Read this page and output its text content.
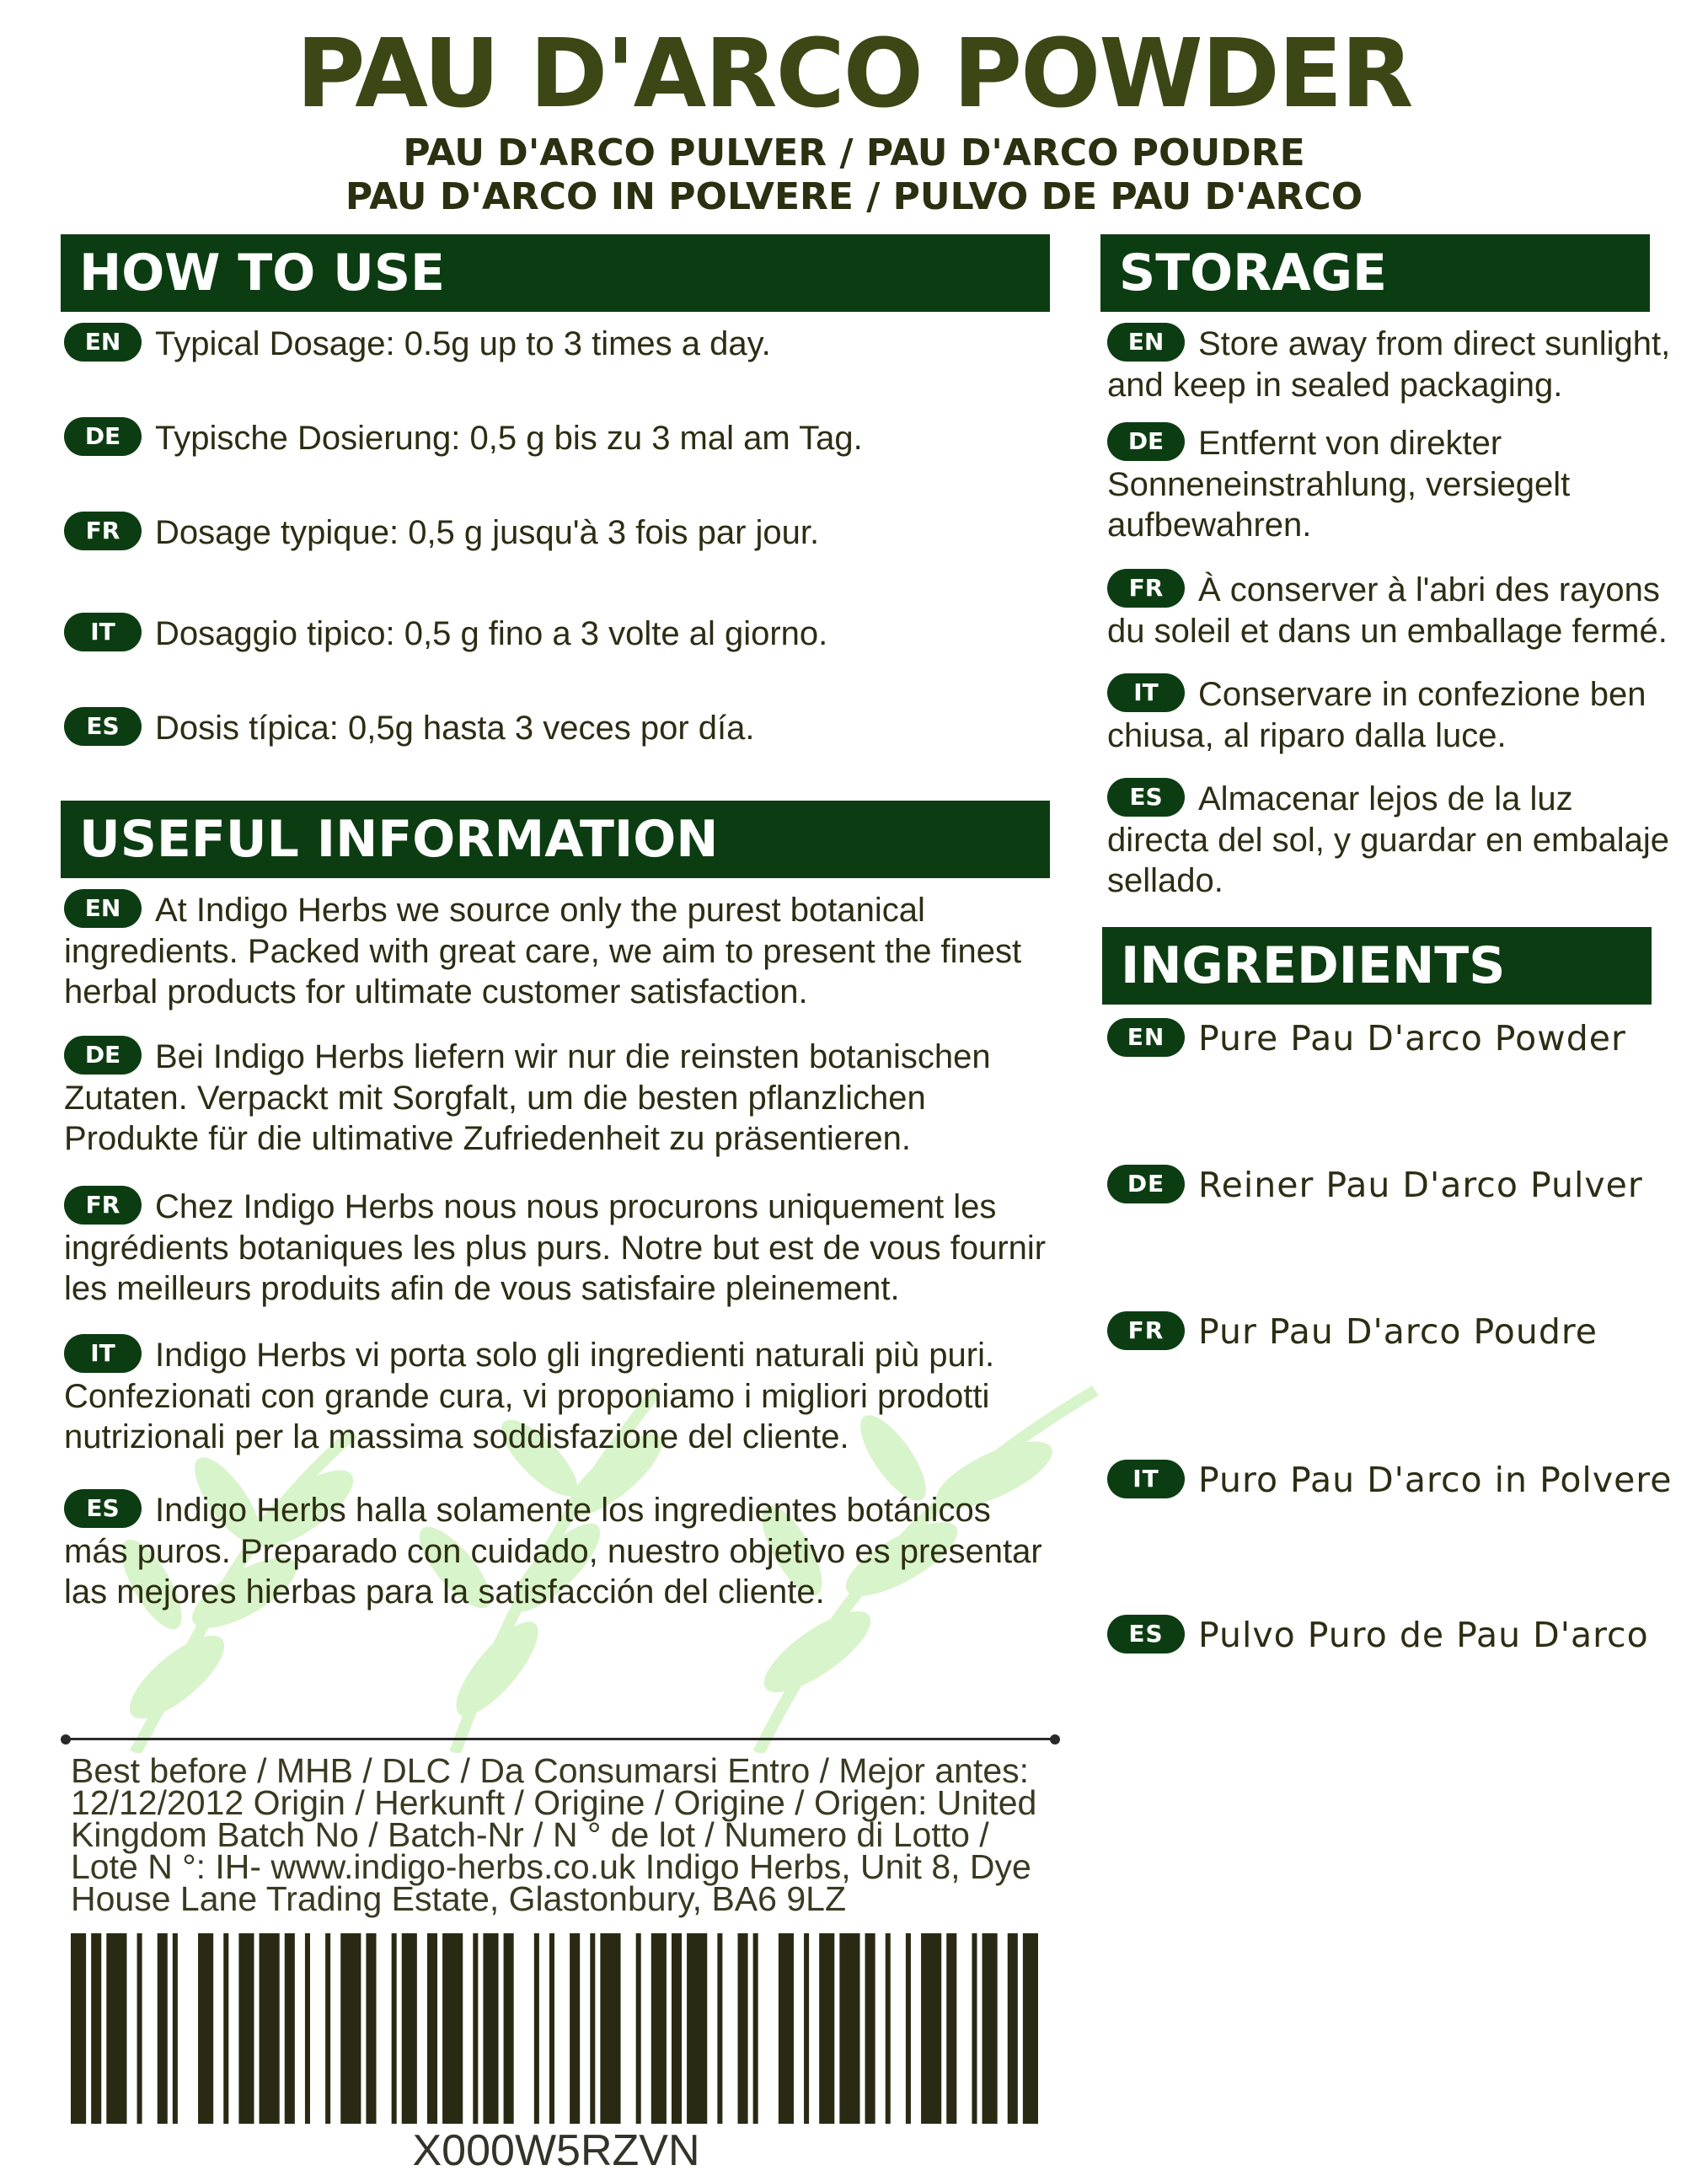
PAU D'ARCO POWDER
PAU D'ARCO PULVER / PAU D'ARCO POUDRE
PAU D'ARCO IN POLVERE / PULVO DE PAU D'ARCO
HOW TO USE
EN Typical Dosage: 0.5g up to 3 times a day.
DE Typische Dosierung: 0,5 g bis zu 3 mal am Tag.
FR Dosage typique: 0,5 g jusqu'à 3 fois par jour.
IT Dosaggio tipico: 0,5 g fino a 3 volte al giorno.
ES Dosis típica: 0,5g hasta 3 veces por día.
USEFUL INFORMATION
EN At Indigo Herbs we source only the purest botanical ingredients. Packed with great care, we aim to present the finest herbal products for ultimate customer satisfaction.
DE Bei Indigo Herbs liefern wir nur die reinsten botanischen Zutaten. Verpackt mit Sorgfalt, um die besten pflanzlichen Produkte für die ultimative Zufriedenheit zu präsentieren.
FR Chez Indigo Herbs nous nous procurons uniquement les ingrédients botaniques les plus purs. Notre but est de vous fournir les meilleurs produits afin de vous satisfaire pleinement.
IT Indigo Herbs vi porta solo gli ingredienti naturali più puri. Confezionati con grande cura, vi proponiamo i migliori prodotti nutrizionali per la massima soddisfazione del cliente.
ES Indigo Herbs halla solamente los ingredientes botánicos más puros. Preparado con cuidado, nuestro objetivo es presentar las mejores hierbas para la satisfacción del cliente.
STORAGE
EN Store away from direct sunlight, and keep in sealed packaging.
DE Entfernt von direkter Sonneneinstrahlung, versiegelt aufbewahren.
FR À conserver à l'abri des rayons du soleil et dans un emballage fermé.
IT Conservare in confezione ben chiusa, al riparo dalla luce.
ES Almacenar lejos de la luz directa del sol, y guardar en embalaje sellado.
INGREDIENTS
EN Pure Pau D'arco Powder
DE Reiner Pau D'arco Pulver
FR Pur Pau D'arco Poudre
IT Puro Pau D'arco in Polvere
ES Pulvo Puro de Pau D'arco
Best before / MHB / DLC / Da Consumarsi Entro / Mejor antes: 12/12/2012 Origin / Herkunft / Origine / Origine / Origen: United Kingdom Batch No / Batch-Nr / N ° de lot / Numero di Lotto / Lote N °: IH- www.indigo-herbs.co.uk Indigo Herbs, Unit 8, Dye House Lane Trading Estate, Glastonbury, BA6 9LZ
X000W5RZVN
